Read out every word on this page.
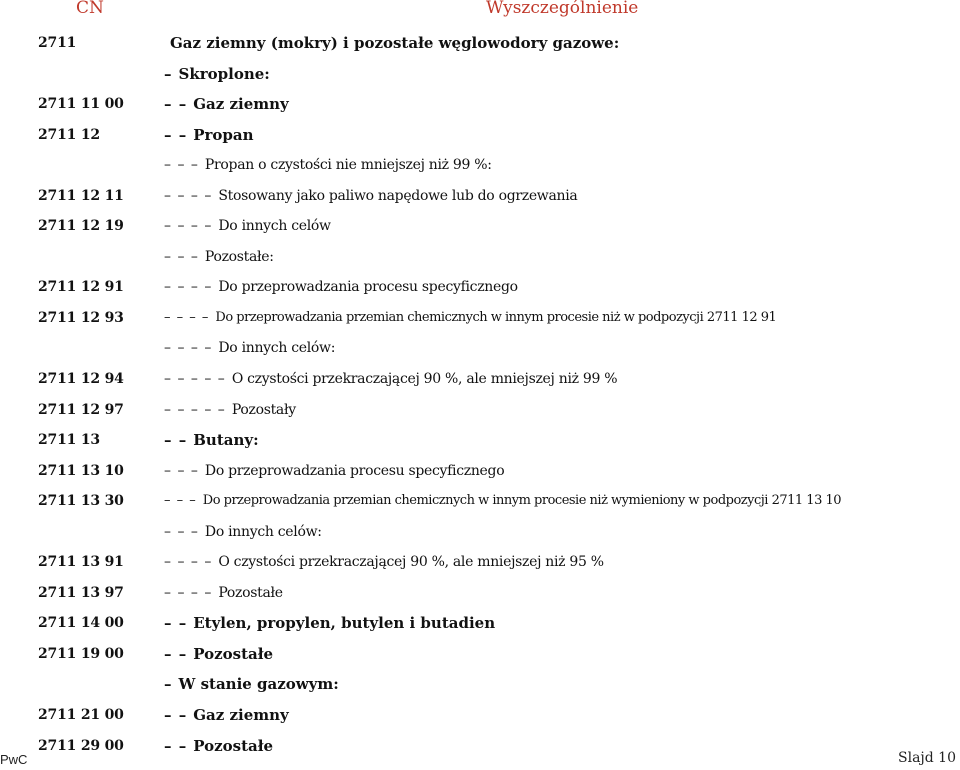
CN	Wyszczególnienie
2711	Gaz ziemny (mokry) i pozostałe węglowodory gazowe:
– Skroplone:
2711 11 00	– – Gaz ziemny
2711 12	– – Propan
– – – Propan o czystości nie mniejszej niż 99 %:
2711 12 11	– – – – Stosowany jako paliwo napędowe lub do ogrzewania
2711 12 19	– – – – Do innych celów
– – – Pozostałe:
2711 12 91	– – – – Do przeprowadzania procesu specyficznego
2711 12 93	– – – – Do przeprowadzania przemian chemicznych w innym procesie niż w podpozycji 2711 12 91
– – – – Do innych celów:
2711 12 94	– – – – – O czystości przekraczającej 90 %, ale mniejszej niż 99 %
2711 12 97	– – – – – Pozostały
2711 13	– – Butany:
2711 13 10	– – – Do przeprowadzania procesu specyficznego
2711 13 30	– – – Do przeprowadzania przemian chemicznych w innym procesie niż wymieniony w podpozycji 2711 13 10
– – – Do innych celów:
2711 13 91	– – – – O czystości przekraczającej 90 %, ale mniejszej niż 95 %
2711 13 97	– – – – Pozostałe
2711 14 00	– – Etylen, propylen, butylen i butadien
2711 19 00	– – Pozostałe
– W stanie gazowym:
2711 21 00	– – Gaz ziemny
2711 29 00	– – Pozostałe
PwC	Slajd 10
